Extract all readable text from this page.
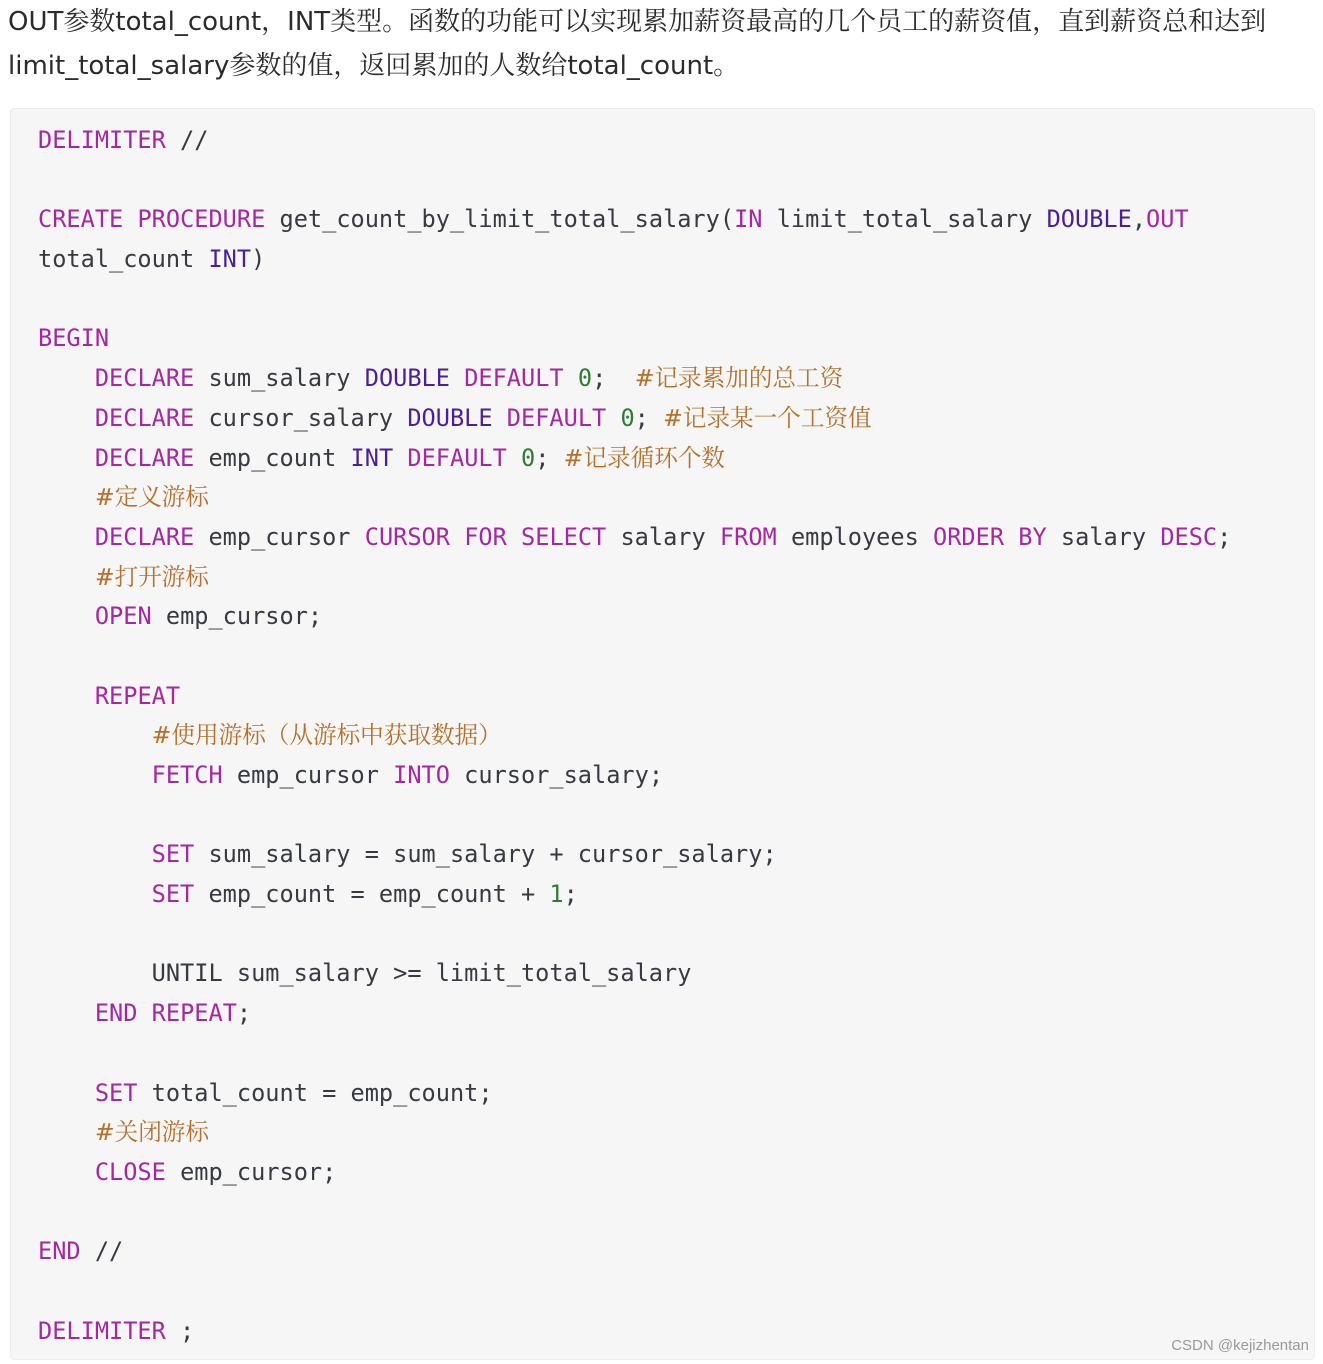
OUT参数total_count，INT类型。函数的功能可以实现累加薪资最高的几个员工的薪资值，直到薪资总和达到limit_total_salary参数的值，返回累加的人数给total_count。

DELIMITER //

CREATE PROCEDURE get_count_by_limit_total_salary(IN limit_total_salary DOUBLE,OUT
total_count INT)

BEGIN
DECLARE sum_salary DOUBLE DEFAULT 0;  #记录累加的总工资
DECLARE cursor_salary DOUBLE DEFAULT 0; #记录某一个工资值
DECLARE emp_count INT DEFAULT 0; #记录循环个数
#定义游标
DECLARE emp_cursor CURSOR FOR SELECT salary FROM employees ORDER BY salary DESC;
#打开游标
OPEN emp_cursor;

REPEAT
#使用游标（从游标中获取数据）
FETCH emp_cursor INTO cursor_salary;

SET sum_salary = sum_salary + cursor_salary;
SET emp_count = emp_count + 1;

UNTIL sum_salary >= limit_total_salary
END REPEAT;

SET total_count = emp_count;
#关闭游标
CLOSE emp_cursor;

END //

DELIMITER ;
CSDN @kejizhentan
